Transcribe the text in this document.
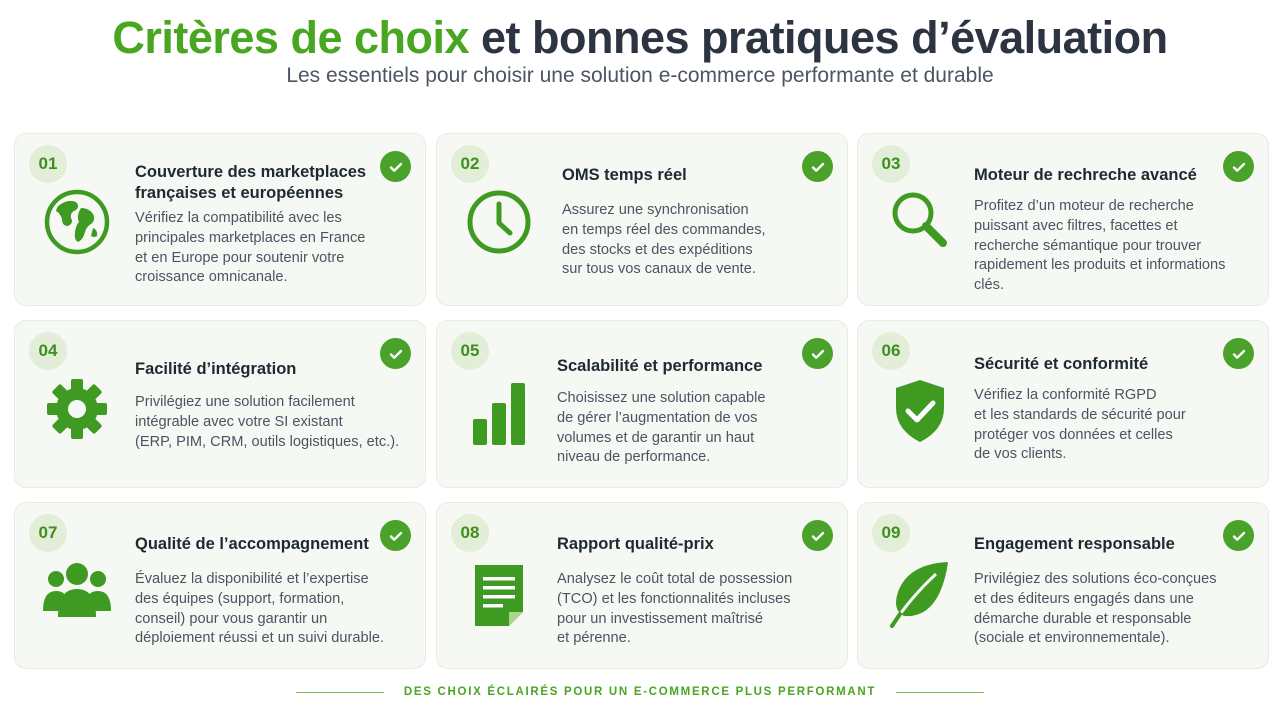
Critères de choix et bonnes pratiques d’évaluation
Les essentiels pour choisir une solution e-commerce performante et durable
01	Couverture des marketplaces
françaises et européennes
Vérifiez la compatibilité avec les
principales marketplaces en France
et en Europe pour soutenir votre
croissance omnicanale.
02
OMS temps réel
Assurez une synchronisation
en temps réel des commandes,
des stocks et des expéditions
sur tous vos canaux de vente.
03
Moteur de rechreche avancé
Profitez d’un moteur de recherche
puissant avec filtres, facettes et
recherche sémantique pour trouver
rapidement les produits et informations
clés.
04
Facilité d’intégration
Privilégiez une solution facilement
intégrable avec votre SI existant
(ERP, PIM, CRM, outils logistiques, etc.).
05
Scalabilité et performance
Choisissez une solution capable
de gérer l’augmentation de vos
volumes et de garantir un haut
niveau de performance.
06
Sécurité et conformité
Vérifiez la conformité RGPD
et les standards de sécurité pour
protéger vos données et celles
de vos clients.
07
Qualité de l’accompagnement
Évaluez la disponibilité et l’expertise
des équipes (support, formation,
conseil) pour vous garantir un
déploiement réussi et un suivi durable.
08
Rapport qualité-prix
Analysez le coût total de possession
(TCO) et les fonctionnalités incluses
pour un investissement maîtrisé
et pérenne.
09
Engagement responsable
Privilégiez des solutions éco-conçues
et des éditeurs engagés dans une
démarche durable et responsable
(sociale et environnementale).
DES CHOIX ÉCLAIRÉS POUR UN E-COMMERCE PLUS PERFORMANT
